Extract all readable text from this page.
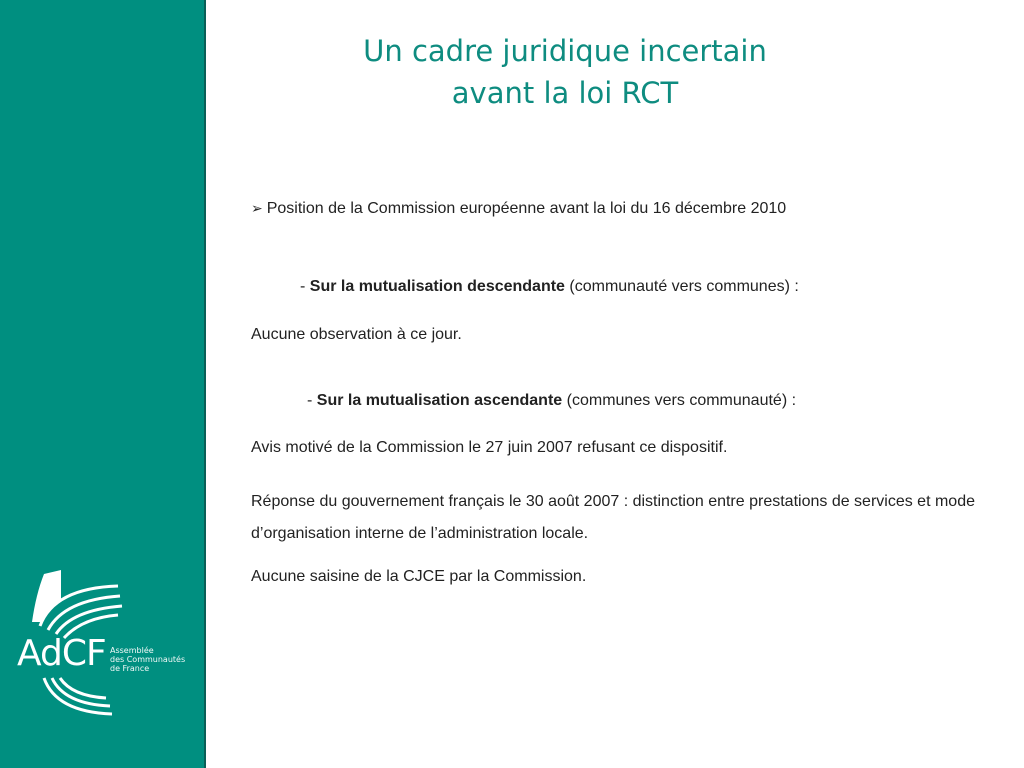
AdCF Assemblée
des Communautés
de France
Un cadre juridique incertain
avant la loi RCT
➢ Position de la Commission européenne avant la loi du 16 décembre 2010
- Sur la mutualisation descendante (communauté vers communes) :
Aucune observation à ce jour.
- Sur la mutualisation ascendante (communes vers communauté) :
Avis motivé de la Commission le 27 juin 2007 refusant ce dispositif.
Réponse du gouvernement français le 30 août 2007 : distinction entre prestations de services et mode d’organisation interne de l’administration locale.
Aucune saisine de la CJCE par la Commission.
